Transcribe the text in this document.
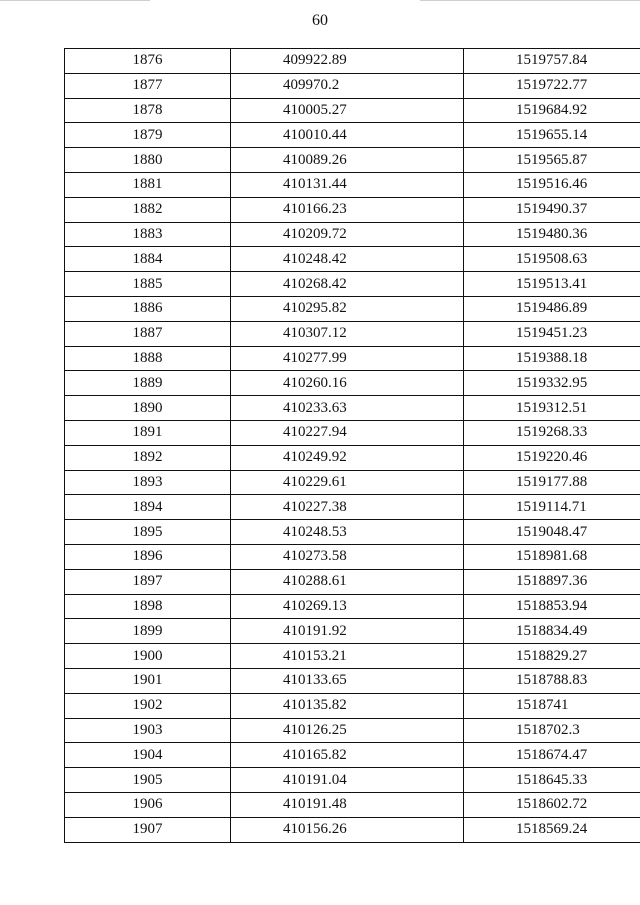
60
1876	409922.89	1519757.84
1877	409970.2	1519722.77
1878	410005.27	1519684.92
1879	410010.44	1519655.14
1880	410089.26	1519565.87
1881	410131.44	1519516.46
1882	410166.23	1519490.37
1883	410209.72	1519480.36
1884	410248.42	1519508.63
1885	410268.42	1519513.41
1886	410295.82	1519486.89
1887	410307.12	1519451.23
1888	410277.99	1519388.18
1889	410260.16	1519332.95
1890	410233.63	1519312.51
1891	410227.94	1519268.33
1892	410249.92	1519220.46
1893	410229.61	1519177.88
1894	410227.38	1519114.71
1895	410248.53	1519048.47
1896	410273.58	1518981.68
1897	410288.61	1518897.36
1898	410269.13	1518853.94
1899	410191.92	1518834.49
1900	410153.21	1518829.27
1901	410133.65	1518788.83
1902	410135.82	1518741
1903	410126.25	1518702.3
1904	410165.82	1518674.47
1905	410191.04	1518645.33
1906	410191.48	1518602.72
1907	410156.26	1518569.24
